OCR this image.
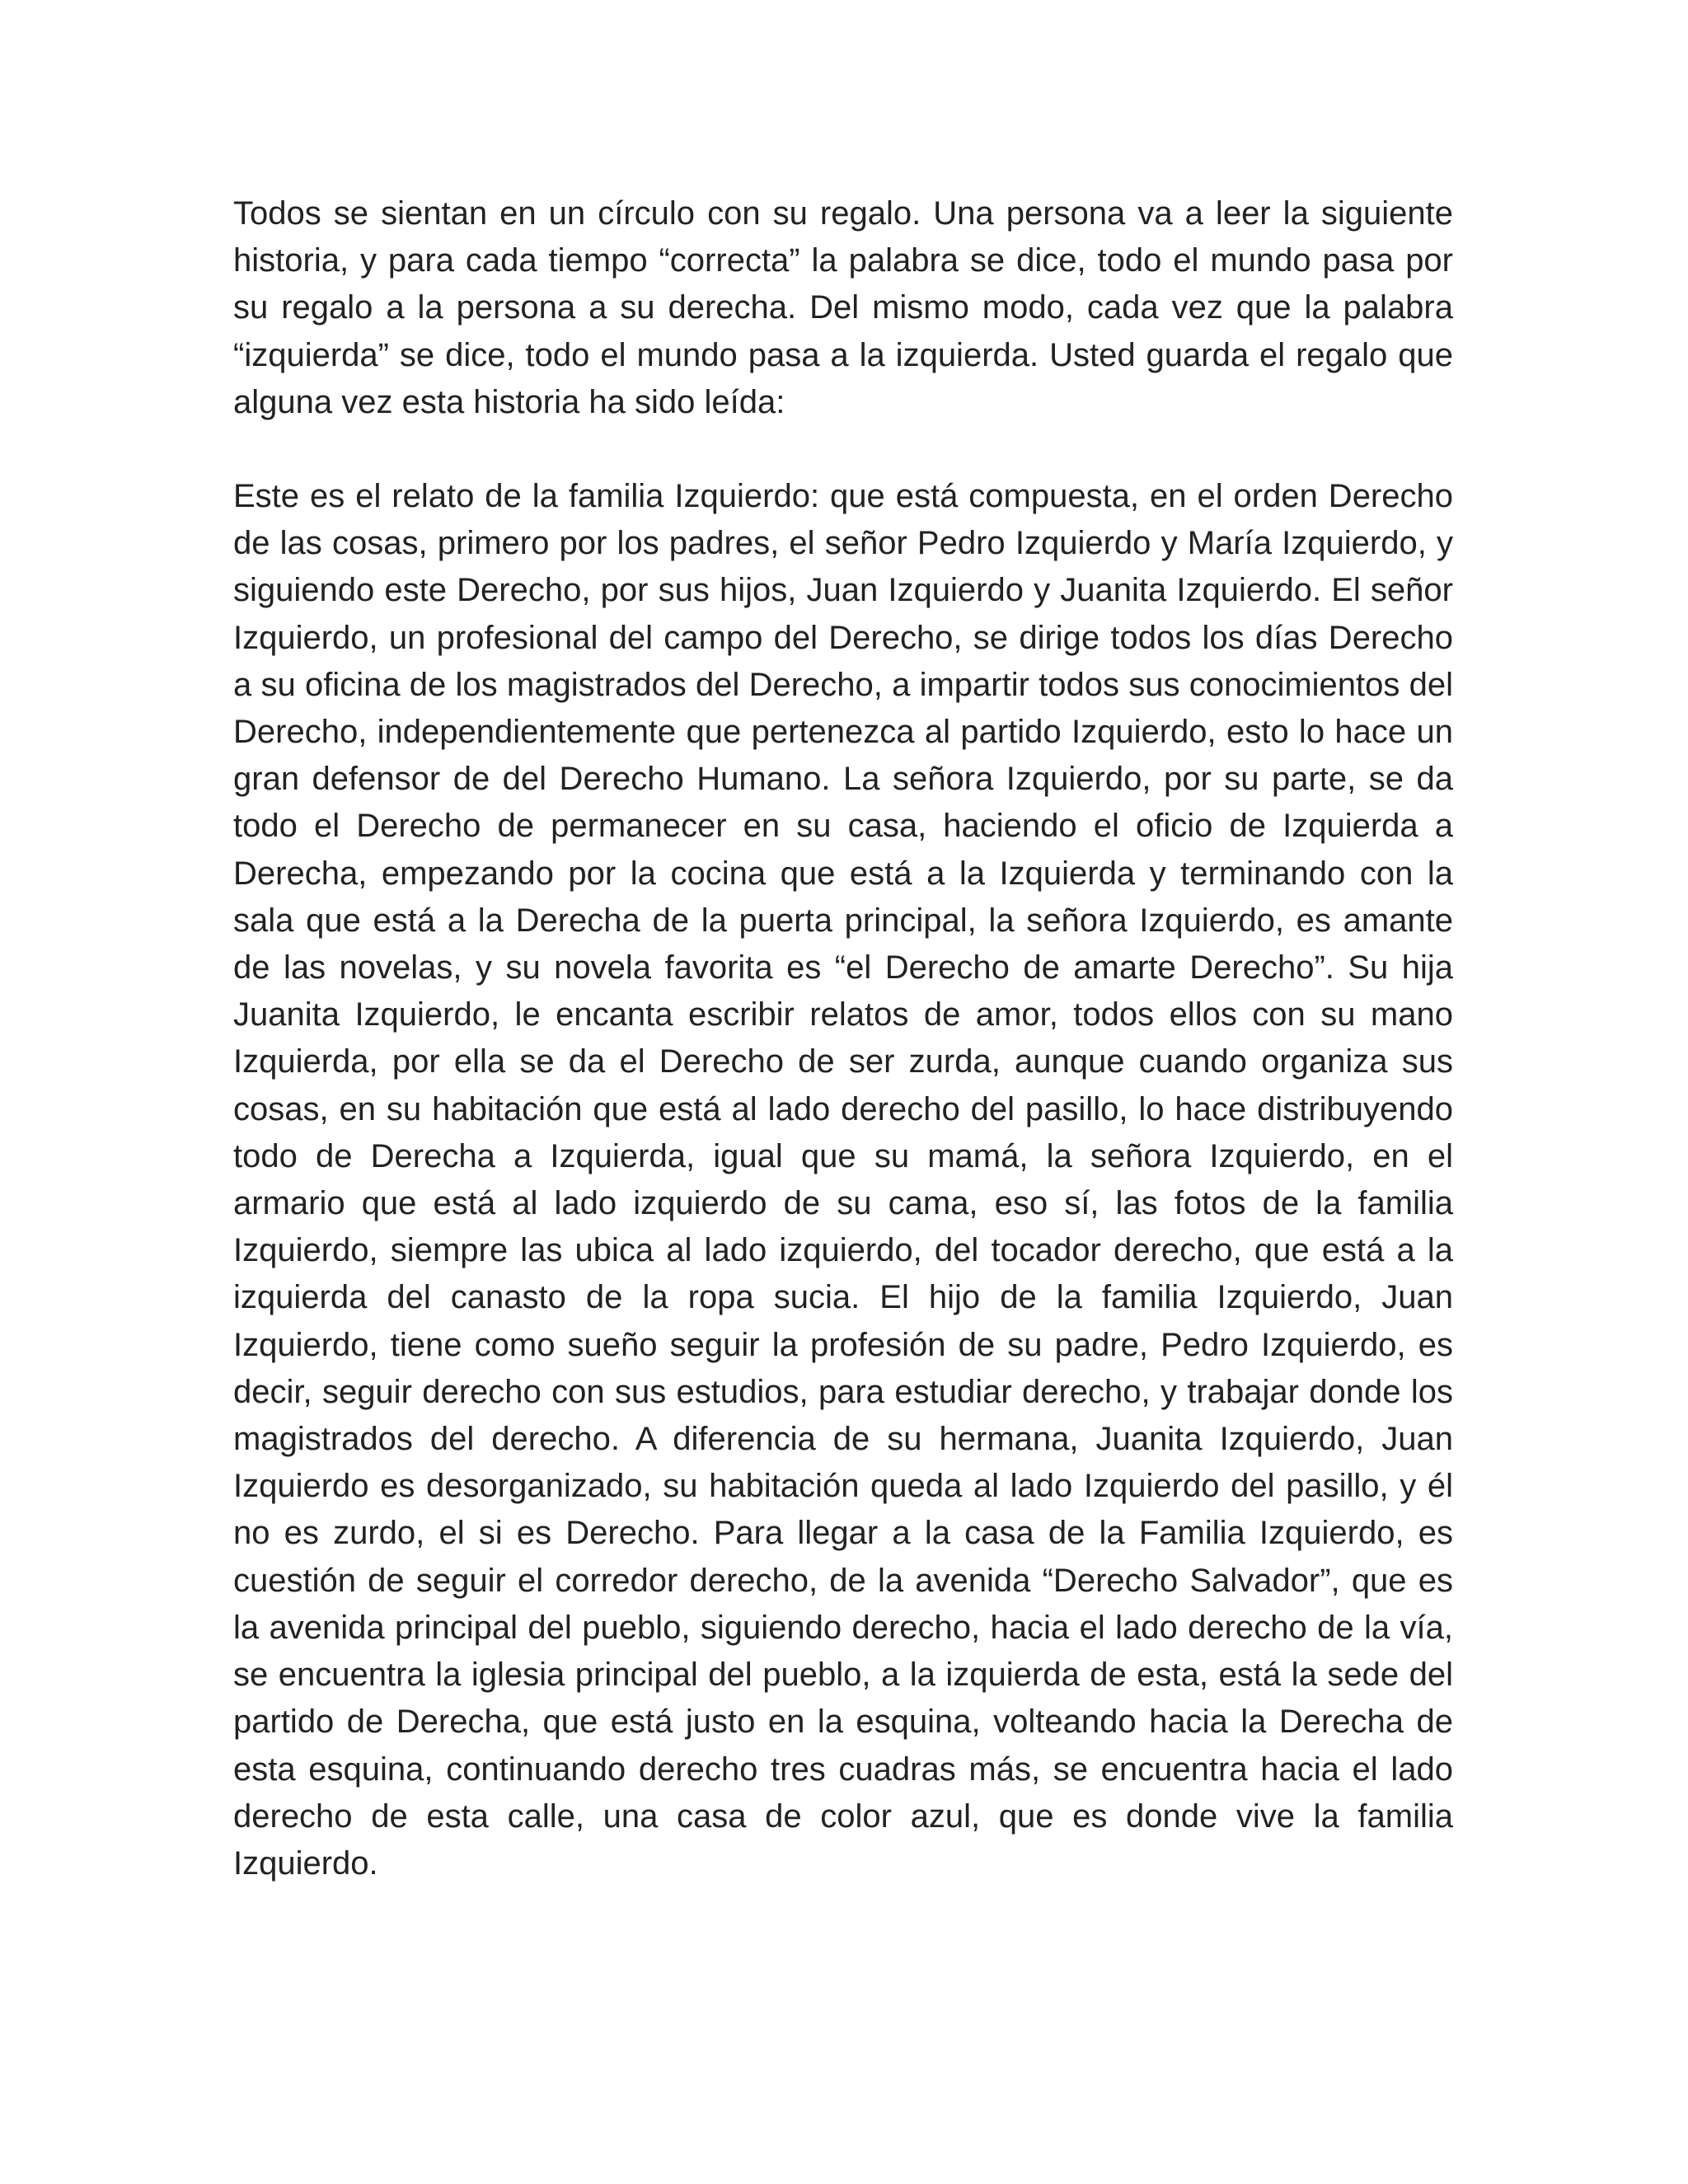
Todos se sientan en un círculo con su regalo. Una persona va a leer la siguiente historia, y para cada tiempo “correcta” la palabra se dice, todo el mundo pasa por su regalo a la persona a su derecha. Del mismo modo, cada vez que la palabra “izquierda” se dice, todo el mundo pasa a la izquierda. Usted guarda el regalo que alguna vez esta historia ha sido leída:

Este es el relato de la familia Izquierdo: que está compuesta, en el orden Derecho de las cosas, primero por los padres, el señor Pedro Izquierdo y María Izquierdo, y siguiendo este Derecho, por sus hijos, Juan Izquierdo y Juanita Izquierdo. El señor Izquierdo, un profesional del campo del Derecho, se dirige todos los días Derecho a su oficina de los magistrados del Derecho, a impartir todos sus conocimientos del Derecho, independientemente que pertenezca al partido Izquierdo, esto lo hace un gran defensor de del Derecho Humano. La señora Izquierdo, por su parte, se da todo el Derecho de permanecer en su casa, haciendo el oficio de Izquierda a Derecha, empezando por la cocina que está a la Izquierda y terminando con la sala que está a la Derecha de la puerta principal, la señora Izquierdo, es amante de las novelas, y su novela favorita es “el Derecho de amarte Derecho”. Su hija Juanita Izquierdo, le encanta escribir relatos de amor, todos ellos con su mano Izquierda, por ella se da el Derecho de ser zurda, aunque cuando organiza sus cosas, en su habitación que está al lado derecho del pasillo, lo hace distribuyendo todo de Derecha a Izquierda, igual que su mamá, la señora Izquierdo, en el armario que está al lado izquierdo de su cama, eso sí, las fotos de la familia Izquierdo, siempre las ubica al lado izquierdo, del tocador derecho, que está a la izquierda del canasto de la ropa sucia. El hijo de la familia Izquierdo, Juan Izquierdo, tiene como sueño seguir la profesión de su padre, Pedro Izquierdo, es decir, seguir derecho con sus estudios, para estudiar derecho, y trabajar donde los magistrados del derecho. A diferencia de su hermana, Juanita Izquierdo, Juan Izquierdo es desorganizado, su habitación queda al lado Izquierdo del pasillo, y él no es zurdo, el si es Derecho. Para llegar a la casa de la Familia Izquierdo, es cuestión de seguir el corredor derecho, de la avenida “Derecho Salvador”, que es la avenida principal del pueblo, siguiendo derecho, hacia el lado derecho de la vía, se encuentra la iglesia principal del pueblo, a la izquierda de esta, está la sede del partido de Derecha, que está justo en la esquina, volteando hacia la Derecha de esta esquina, continuando derecho tres cuadras más, se encuentra hacia el lado derecho de esta calle, una casa de color azul, que es donde vive la familia Izquierdo.
